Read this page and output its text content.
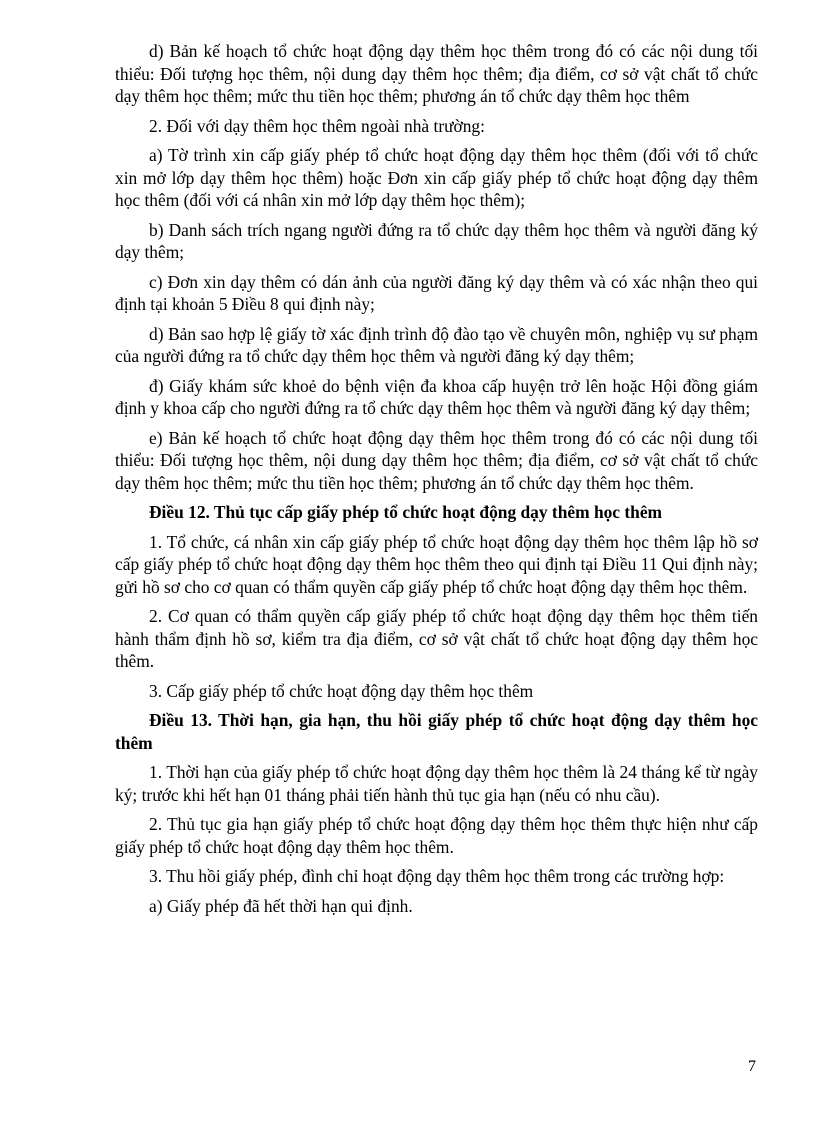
d) Bản kế hoạch tổ chức hoạt động dạy thêm học thêm trong đó có các nội dung tối thiểu: Đối tượng học thêm, nội dung dạy thêm học thêm; địa điểm, cơ sở vật chất tổ chức dạy thêm học thêm; mức thu tiền học thêm; phương án tổ chức dạy thêm học thêm

2. Đối với dạy thêm học thêm ngoài nhà trường:

a) Tờ trình xin cấp giấy phép tổ chức hoạt động dạy thêm học thêm (đối với tổ chức xin mở lớp dạy thêm học thêm) hoặc Đơn xin cấp giấy phép tổ chức hoạt động dạy thêm học thêm (đối với cá nhân xin mở lớp dạy thêm học thêm);

b) Danh sách trích ngang người đứng ra tổ chức dạy thêm học thêm và người đăng ký dạy thêm;

c) Đơn xin dạy thêm có dán ảnh của người đăng ký dạy thêm và có xác nhận theo qui định tại khoản 5 Điều 8 qui định này;

d) Bản sao hợp lệ giấy tờ xác định trình độ đào tạo về chuyên môn, nghiệp vụ sư phạm của người đứng ra tổ chức dạy thêm học thêm và người đăng ký dạy thêm;

đ) Giấy khám sức khoẻ do bệnh viện đa khoa cấp huyện trở lên hoặc Hội đồng giám định y khoa cấp cho người đứng ra tổ chức dạy thêm học thêm và người đăng ký dạy thêm;

e) Bản kế hoạch tổ chức hoạt động dạy thêm học thêm trong đó có các nội dung tối thiểu: Đối tượng học thêm, nội dung dạy thêm học thêm; địa điểm, cơ sở vật chất tổ chức dạy thêm học thêm; mức thu tiền học thêm; phương án tổ chức dạy thêm học thêm.

Điều 12. Thủ tục cấp giấy phép tổ chức hoạt động dạy thêm học thêm

1. Tổ chức, cá nhân xin cấp giấy phép tổ chức hoạt động dạy thêm học thêm lập hồ sơ cấp giấy phép tổ chức hoạt động dạy thêm học thêm theo qui định tại Điều 11 Qui định này; gửi hồ sơ cho cơ quan có thẩm quyền cấp giấy phép tổ chức hoạt động dạy thêm học thêm.

2. Cơ quan có thẩm quyền cấp giấy phép tổ chức hoạt động dạy thêm học thêm tiến hành thẩm định hồ sơ, kiểm tra địa điểm, cơ sở vật chất tổ chức hoạt động dạy thêm học thêm.

3. Cấp giấy phép tổ chức hoạt động dạy thêm học thêm

Điều 13. Thời hạn, gia hạn, thu hồi giấy phép tổ chức hoạt động dạy thêm học thêm

1. Thời hạn của giấy phép tổ chức hoạt động dạy thêm học thêm là 24 tháng kể từ ngày ký; trước khi hết hạn 01 tháng phải tiến hành thủ tục gia hạn (nếu có nhu cầu).

2. Thủ tục gia hạn giấy phép tổ chức hoạt động dạy thêm học thêm thực hiện như cấp giấy phép tổ chức hoạt động dạy thêm học thêm.

3. Thu hồi giấy phép, đình chỉ hoạt động dạy thêm học thêm trong các trường hợp:

a) Giấy phép đã hết thời hạn qui định.

7
